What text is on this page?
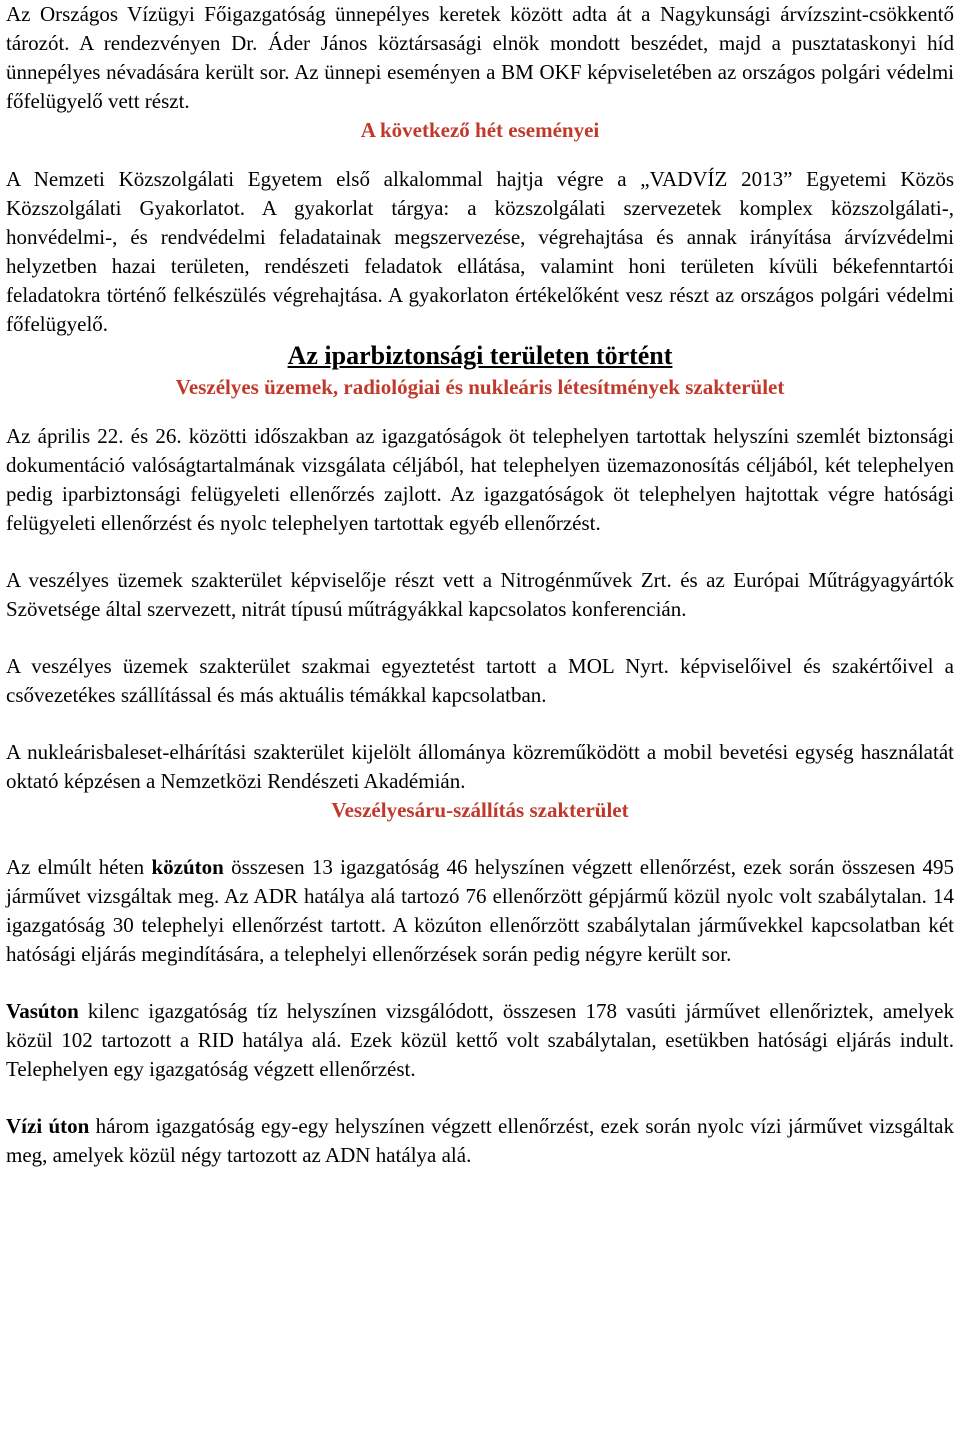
Az Országos Vízügyi Főigazgatóság ünnepélyes keretek között adta át a Nagykunsági árvízszint-csökkentő tározót. A rendezvényen Dr. Áder János köztársasági elnök mondott beszédet, majd a pusztataskonyi híd ünnepélyes névadására került sor. Az ünnepi eseményen a BM OKF képviseletében az országos polgári védelmi főfelügyelő vett részt.

A következő hét eseményei

A Nemzeti Közszolgálati Egyetem első alkalommal hajtja végre a „VADVÍZ 2013” Egyetemi Közös Közszolgálati Gyakorlatot. A gyakorlat tárgya: a közszolgálati szervezetek komplex közszolgálati-, honvédelmi-, és rendvédelmi feladatainak megszervezése, végrehajtása és annak irányítása árvízvédelmi helyzetben hazai területen, rendészeti feladatok ellátása, valamint honi területen kívüli békefenntartói feladatokra történő felkészülés végrehajtása. A gyakorlaton értékelőként vesz részt az országos polgári védelmi főfelügyelő.

Az iparbiztonsági területen történt

Veszélyes üzemek, radiológiai és nukleáris létesítmények szakterület

Az április 22. és 26. közötti időszakban az igazgatóságok öt telephelyen tartottak helyszíni szemlét biztonsági dokumentáció valóságtartalmának vizsgálata céljából, hat telephelyen üzemazonosítás céljából, két telephelyen pedig iparbiztonsági felügyeleti ellenőrzés zajlott. Az igazgatóságok öt telephelyen hajtottak végre hatósági felügyeleti ellenőrzést és nyolc telephelyen tartottak egyéb ellenőrzést.

A veszélyes üzemek szakterület képviselője részt vett a Nitrogénművek Zrt. és az Európai Műtrágyagyártók Szövetsége által szervezett, nitrát típusú műtrágyákkal kapcsolatos konferencián.

A veszélyes üzemek szakterület szakmai egyeztetést tartott a MOL Nyrt. képviselőivel és szakértőivel a csővezetékes szállítással és más aktuális témákkal kapcsolatban.

A nukleárisbaleset-elhárítási szakterület kijelölt állománya közreműködött a mobil bevetési egység használatát oktató képzésen a Nemzetközi Rendészeti Akadémián.

Veszélyesáru-szállítás szakterület

Az elmúlt héten közúton összesen 13 igazgatóság 46 helyszínen végzett ellenőrzést, ezek során összesen 495 járművet vizsgáltak meg. Az ADR hatálya alá tartozó 76 ellenőrzött gépjármű közül nyolc volt szabálytalan. 14 igazgatóság 30 telephelyi ellenőrzést tartott. A közúton ellenőrzött szabálytalan járművekkel kapcsolatban két hatósági eljárás megindítására, a telephelyi ellenőrzések során pedig négyre került sor.

Vasúton kilenc igazgatóság tíz helyszínen vizsgálódott, összesen 178 vasúti járművet ellenőriztek, amelyek közül 102 tartozott a RID hatálya alá. Ezek közül kettő volt szabálytalan, esetükben hatósági eljárás indult. Telephelyen egy igazgatóság végzett ellenőrzést.

Vízi úton három igazgatóság egy-egy helyszínen végzett ellenőrzést, ezek során nyolc vízi járművet vizsgáltak meg, amelyek közül négy tartozott az ADN hatálya alá.
